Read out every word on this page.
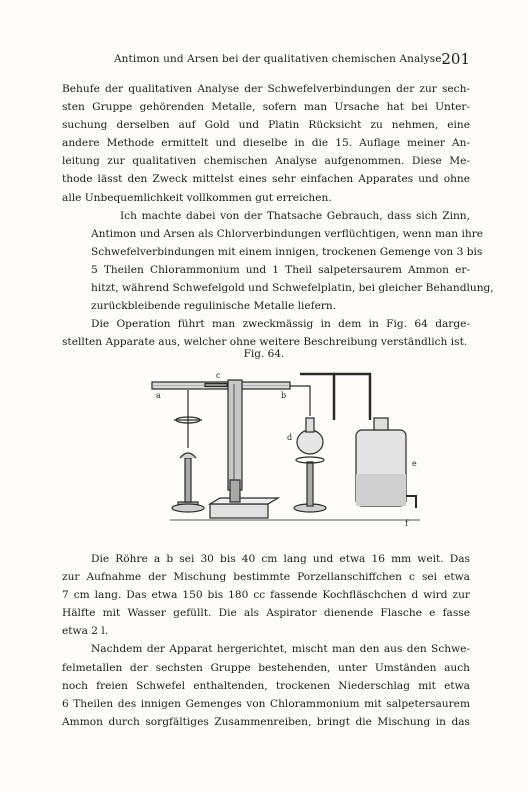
Antimon und Arsen bei der qualitativen chemischen Analyse.
201

Behufe der qualitativen Analyse der Schwefelverbindungen der zur sech-
sten Gruppe gehörenden Metalle, sofern man Ursache hat bei Unter-
suchung derselben auf Gold und Platin Rücksicht zu nehmen, eine
andere Methode ermittelt und dieselbe in die 15. Auflage meiner An-
leitung zur qualitativen chemischen Analyse aufgenommen. Diese Me-
thode lässt den Zweck mittelst eines sehr einfachen Apparates und ohne
alle Unbequemlichkeit vollkommen gut erreichen.

Ich machte dabei von der Thatsache Gebrauch, dass sich Zinn,
Antimon und Arsen als Chlorverbindungen verflüchtigen, wenn man ihre
Schwefelverbindungen mit einem innigen, trockenen Gemenge von 3 bis
5 Theilen Chlorammonium und 1 Theil salpetersaurem Ammon er-
hitzt, während Schwefelgold und Schwefelplatin, bei gleicher Behandlung,
zurückbleibende regulinische Metalle liefern.

Die Operation führt man zweckmässig in dem in Fig. 64 darge-
stellten Apparate aus, welcher ohne weitere Beschreibung verständlich ist.

Fig. 64.
a	b
c
d
e
f

Die Röhre a b sei 30 bis 40 cm lang und etwa 16 mm weit. Das
zur Aufnahme der Mischung bestimmte Porzellanschiffchen c sei etwa
7 cm lang. Das etwa 150 bis 180 cc fassende Kochfläschchen d wird zur
Hälfte mit Wasser gefüllt. Die als Aspirator dienende Flasche e fasse
etwa 2 l.

Nachdem der Apparat hergerichtet, mischt man den aus den Schwe-
felmetallen der sechsten Gruppe bestehenden, unter Umständen auch
noch freien Schwefel enthaltenden, trockenen Niederschlag mit etwa
6 Theilen des innigen Gemenges von Chlorammonium mit salpetersaurem
Ammon durch sorgfältiges Zusammenreiben, bringt die Mischung in das
